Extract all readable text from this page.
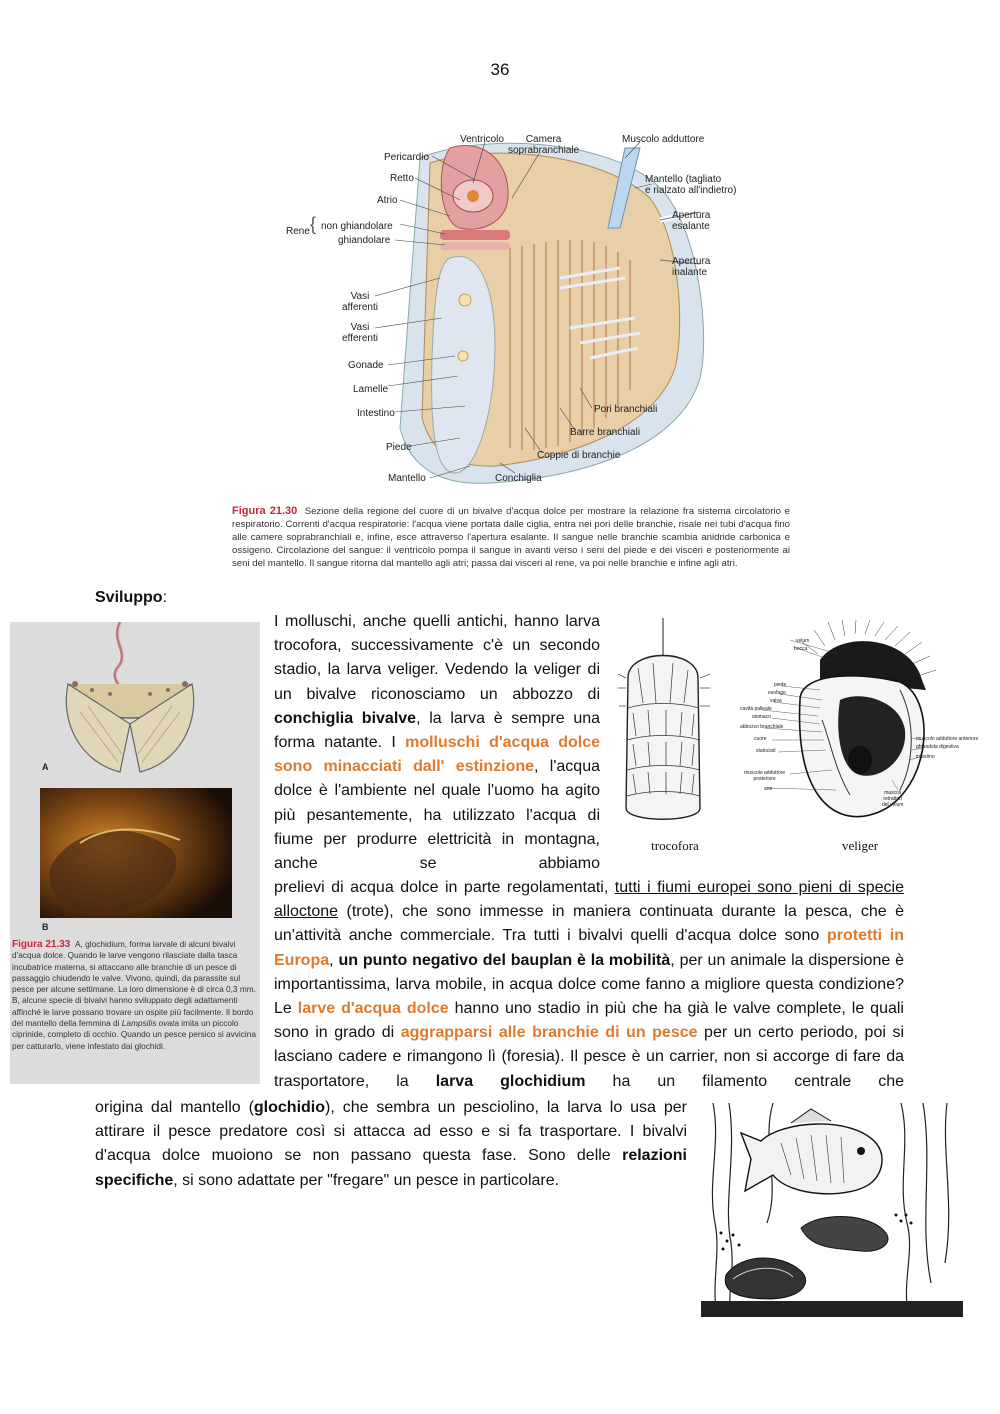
36
Ventricolo	Camera
soprabranchiale
Muscolo adduttore
Pericardio
Retto
Atrio
Mantello (tagliato
e rialzato all'indietro)
Rene { non ghiandolare
ghiandolare
Apertura
esalante
Apertura
inalante
Vasi
afferenti
Vasi
efferenti
Gonade
Lamelle
Intestino	Pori branchiali
Barre branchiali
Piede
Coppie di branchie
Mantello	Conchiglia
Figura 21.30 Sezione della regione del cuore di un bivalve d'acqua dolce per mostrare la relazione fra sistema circolatorio e respiratorio. Correnti d'acqua respiratorie: l'acqua viene portata dalle ciglia, entra nei pori delle branchie, risale nei tubi d'acqua fino alle camere soprabranchiali e, infine, esce attraverso l'apertura esalante. Il sangue nelle branchie scambia anidride carbonica e ossigeno. Circolazione del sangue: il ventricolo pompa il sangue in avanti verso i seni del piede e dei visceri e posteriormente ai seni del mantello. Il sangue ritorna dal mantello agli atri; passa dai visceri al rene, va poi nelle branchie e infine agli atri.
Sviluppo:
A
B
Figura 21.33 A, glochidium, forma larvale di alcuni bivalvi d'acqua dolce. Quando le larve vengono rilasciate dalla tasca incubatrice materna, si attaccano alle branchie di un pesce di passaggio chiudendo le valve. Vivono, quindi, da parassite sul pesce per alcune settimane. La loro dimensione è di circa 0,3 mm. B, alcune specie di bivalvi hanno sviluppato degli adattamenti affinché le larve possano trovare un ospite più facilmente. Il bordo del mantello della femmina di Lampsilis ovata imita un piccolo ciprinide, completo di occhio. Quando un pesce persico si avvicina per catturarlo, viene infestato dai glochidi.
I molluschi, anche quelli antichi, hanno larva trocofora, successivamente c'è un secondo stadio, la larva veliger. Vedendo la veliger di un bivalve riconosciamo un abbozzo di conchiglia bivalve, la larva è sempre una forma natante. I molluschi d'acqua dolce sono minacciati dall' estinzione, l'acqua dolce è l'ambiente nel quale l'uomo ha agito più pesantemente, ha utilizzato l'acqua di fiume per produrre elettricità in montagna, anche se abbiamo
velum
bocca
piede
esofago
valva
cavità palleale
stomaco
abbozzo branchiale
cuore
statocisti
muscolo adduttore
posteriore
ano
muscolo adduttore anteriore
ghiandola digestiva
intestino
muscoli
retrattori
del velum
trocofora	veliger
prelievi di acqua dolce in parte regolamentati, tutti i fiumi europei sono pieni di specie alloctone (trote), che sono immesse in maniera continuata durante la pesca, che è un'attività anche commerciale. Tra tutti i bivalvi quelli d'acqua dolce sono protetti in Europa, un punto negativo del bauplan è la mobilità, per un animale la dispersione è importantissima, larva mobile, in acqua dolce come fanno a migliore questa condizione? Le larve d'acqua dolce hanno uno stadio in più che ha già le valve complete, le quali sono in grado di aggrapparsi alle branchie di un pesce per un certo periodo, poi si lasciano cadere e rimangono lì (foresia). Il pesce è un carrier, non si accorge di fare da trasportatore, la larva glochidium ha un filamento centrale che
origina dal mantello (glochidio), che sembra un pesciolino, la larva lo usa per attirare il pesce predatore così si attacca ad esso e si fa trasportare. I bivalvi d'acqua dolce muoiono se non passano questa fase. Sono delle relazioni specifiche, si sono adattate per "fregare" un pesce in particolare.
